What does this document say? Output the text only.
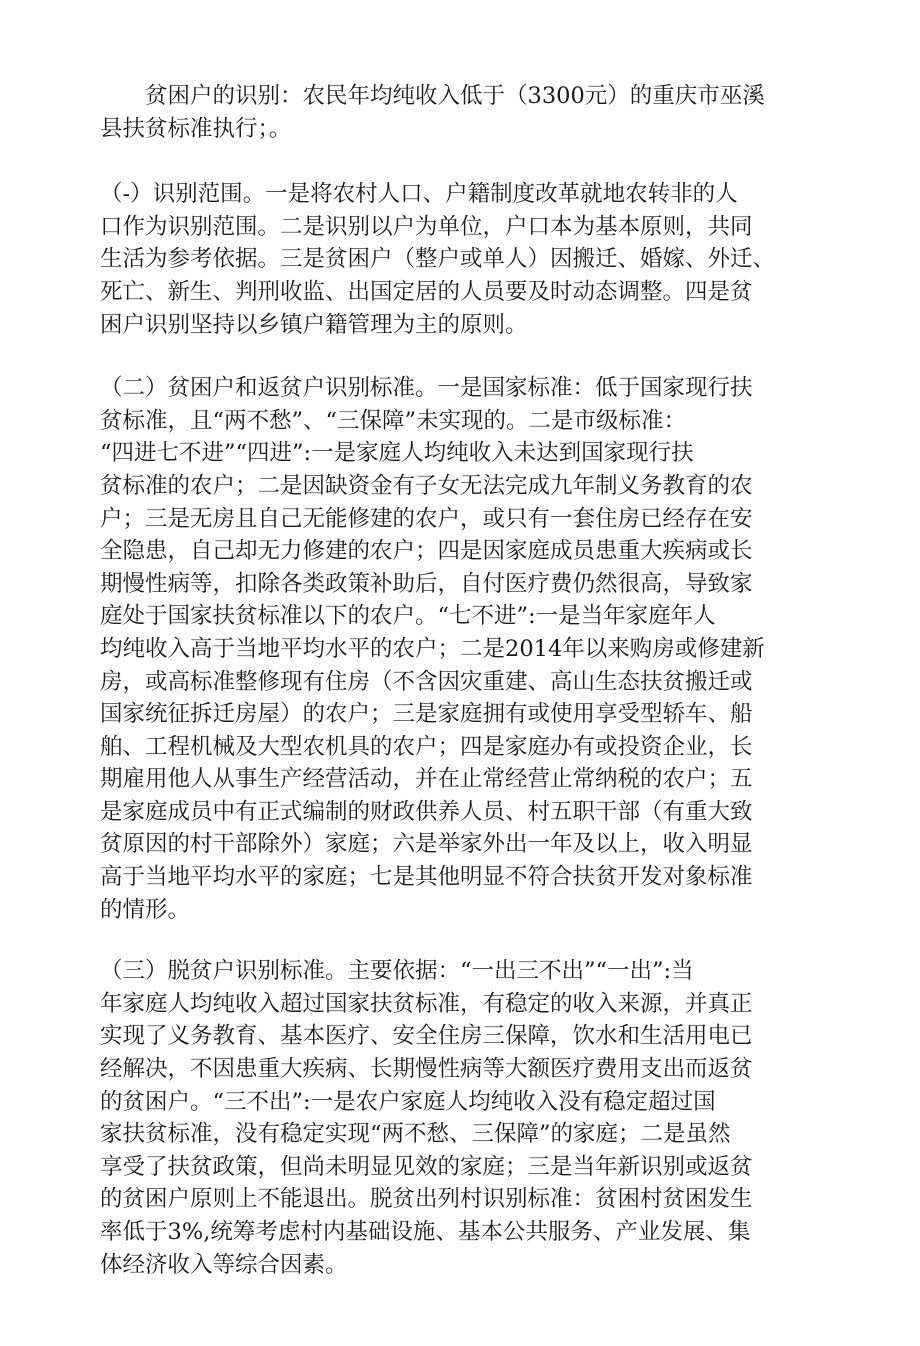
　　贫困户的识别：农民年均纯收入低于（3300元）的重庆市巫溪
县扶贫标准执行；。

（-）识别范围。一是将农村人口、户籍制度改革就地农转非的人
口作为识别范围。二是识别以户为单位，户口本为基本原则，共同
生活为参考依据。三是贫困户（整户或单人）因搬迁、婚嫁、外迁、
死亡、新生、判刑收监、出国定居的人员要及时动态调整。四是贫
困户识别坚持以乡镇户籍管理为主的原则。

（二）贫困户和返贫户识别标准。一是国家标准：低于国家现行扶
贫标准，且“两不愁”、“三保障”未实现的。二是市级标准：
“四进七不进”“四进”:一是家庭人均纯收入未达到国家现行扶
贫标准的农户；二是因缺资金有子女无法完成九年制义务教育的农
户；三是无房且自己无能修建的农户，或只有一套住房已经存在安
全隐患，自己却无力修建的农户；四是因家庭成员患重大疾病或长
期慢性病等，扣除各类政策补助后，自付医疗费仍然很高，导致家
庭处于国家扶贫标准以下的农户。“七不进”:一是当年家庭年人
均纯收入高于当地平均水平的农户；二是2014年以来购房或修建新
房，或高标准整修现有住房（不含因灾重建、高山生态扶贫搬迁或
国家统征拆迁房屋）的农户；三是家庭拥有或使用享受型轿车、船
舶、工程机械及大型农机具的农户；四是家庭办有或投资企业，长
期雇用他人从事生产经营活动，并在止常经营止常纳税的农户；五
是家庭成员中有正式编制的财政供养人员、村五职干部（有重大致
贫原因的村干部除外）家庭；六是举家外出一年及以上，收入明显
高于当地平均水平的家庭；七是其他明显不符合扶贫开发对象标准
的情形。

（三）脱贫户识别标准。主要依据：“一出三不出”“一出”:当
年家庭人均纯收入超过国家扶贫标准，有稳定的收入来源，并真正
实现了义务教育、基本医疗、安全住房三保障，饮水和生活用电已
经解决，不因患重大疾病、长期慢性病等大额医疗费用支出而返贫
的贫困户。“三不出”:一是农户家庭人均纯收入没有稳定超过国
家扶贫标准，没有稳定实现“两不愁、三保障”的家庭；二是虽然
享受了扶贫政策，但尚未明显见效的家庭；三是当年新识别或返贫
的贫困户原则上不能退出。脱贫出列村识别标准：贫困村贫困发生
率低于3%,统筹考虑村内基础设施、基本公共服务、产业发展、集
体经济收入等综合因素。
